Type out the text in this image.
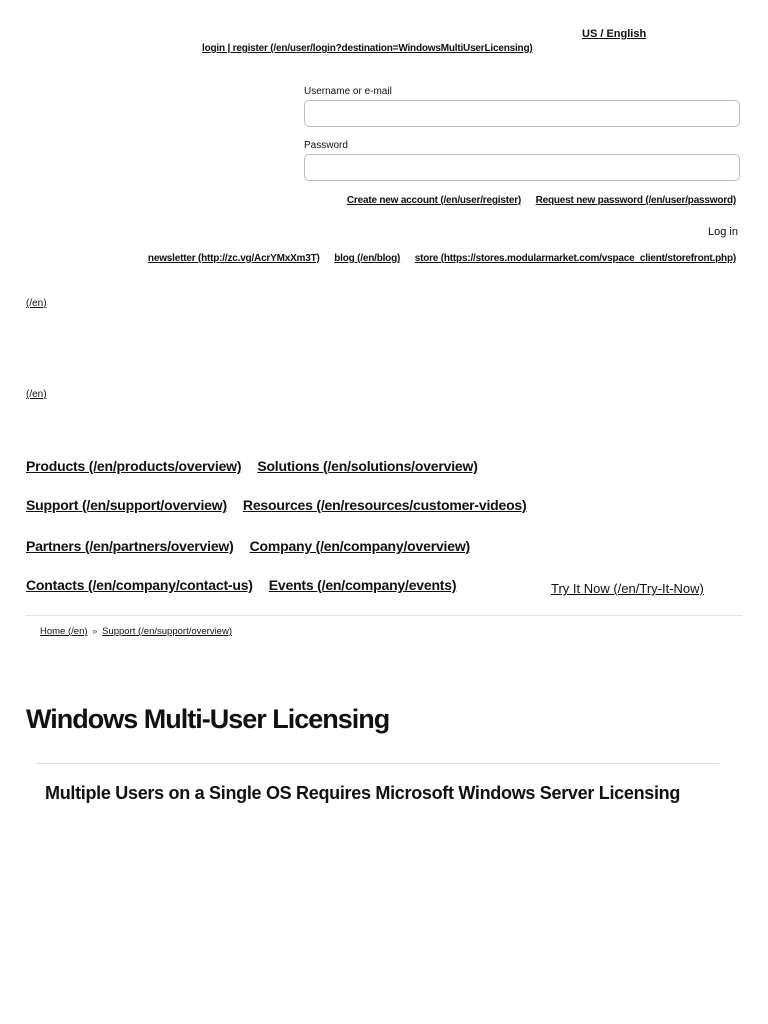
US / English
login | register (/en/user/login?destination=WindowsMultiUserLicensing)
Username or e-mail
Password
Create new account (/en/user/register) Request new password (/en/user/password)
Log in
newsletter (http://zc.vg/AcrYMxXm3T) blog (/en/blog) store (https://stores.modularmarket.com/vspace_client/storefront.php)
(/en)
(/en)
Products (/en/products/overview) Solutions (/en/solutions/overview)
Support (/en/support/overview) Resources (/en/resources/customer-videos)
Partners (/en/partners/overview) Company (/en/company/overview)
Contacts (/en/company/contact-us) Events (/en/company/events)	Try It Now (/en/Try-It-Now)
Home (/en) » Support (/en/support/overview)
Windows Multi-User Licensing
Multiple Users on a Single OS Requires Microsoft Windows Server Licensing
